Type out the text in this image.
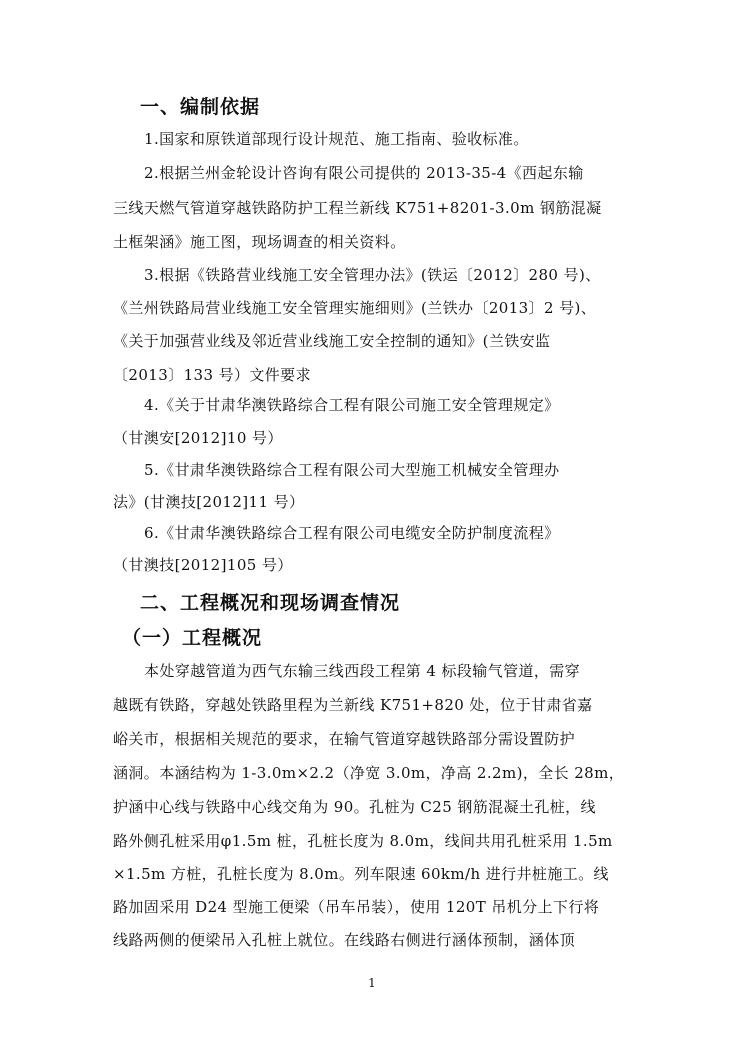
一、编制依据
1.国家和原铁道部现行设计规范、施工指南、验收标准。
2.根据兰州金轮设计咨询有限公司提供的 2013-35-4《西起东输
三线天燃气管道穿越铁路防护工程兰新线 K751+8201-3.0m 钢筋混凝
土框架涵》施工图，现场调查的相关资料。
3.根据《铁路营业线施工安全管理办法》(铁运〔2012〕280 号)、
《兰州铁路局营业线施工安全管理实施细则》(兰铁办〔2013〕2 号)、
《关于加强营业线及邻近营业线施工安全控制的通知》(兰铁安监
〔2013〕133 号）文件要求
4.《关于甘肃华澳铁路综合工程有限公司施工安全管理规定》
（甘澳安[2012]10 号）
5.《甘肃华澳铁路综合工程有限公司大型施工机械安全管理办
法》(甘澳技[2012]11 号）
6.《甘肃华澳铁路综合工程有限公司电缆安全防护制度流程》
（甘澳技[2012]105 号）
二、工程概况和现场调查情况
（一）工程概况
本处穿越管道为西气东输三线西段工程第 4 标段输气管道，需穿
越既有铁路，穿越处铁路里程为兰新线 K751+820 处，位于甘肃省嘉
峪关市，根据相关规范的要求，在输气管道穿越铁路部分需设置防护
涵洞。本涵结构为 1-3.0m×2.2（净宽 3.0m，净高 2.2m)，全长 28m，
护涵中心线与铁路中心线交角为 90。孔桩为 C25 钢筋混凝土孔桩，线
路外侧孔桩采用φ1.5m 桩，孔桩长度为 8.0m，线间共用孔桩采用 1.5m
×1.5m 方桩，孔桩长度为 8.0m。列车限速 60km/h 进行井桩施工。线
路加固采用 D24 型施工便梁（吊车吊装），使用 120T 吊机分上下行将
线路两侧的便梁吊入孔桩上就位。在线路右侧进行涵体预制，涵体顶
1
